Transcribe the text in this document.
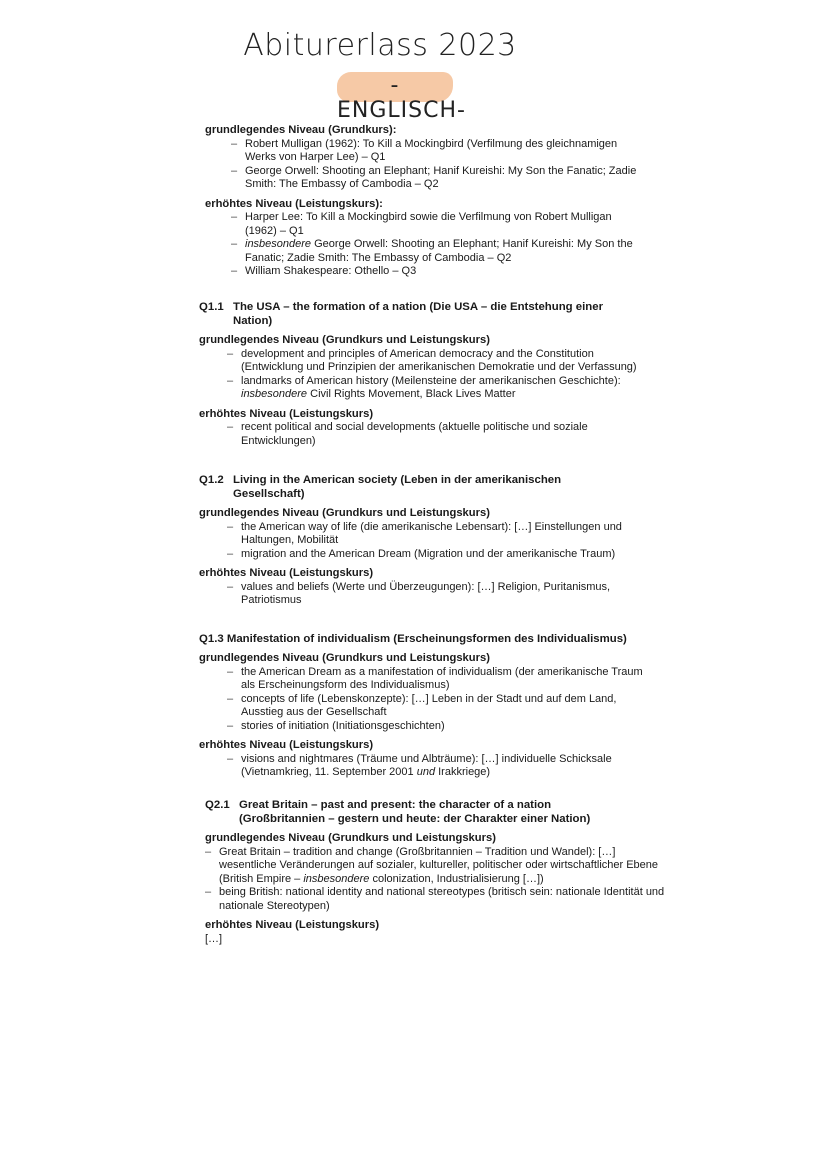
Abiturerlass 2023
-ENGLISCH-
grundlegendes Niveau (Grundkurs):
– Robert Mulligan (1962): To Kill a Mockingbird (Verfilmung des gleichnamigen Werks von Harper Lee) – Q1
– George Orwell: Shooting an Elephant; Hanif Kureishi: My Son the Fanatic; Zadie Smith: The Embassy of Cambodia – Q2
erhöhtes Niveau (Leistungskurs):
– Harper Lee: To Kill a Mockingbird sowie die Verfilmung von Robert Mulligan (1962) – Q1
– insbesondere George Orwell: Shooting an Elephant; Hanif Kureishi: My Son the Fanatic; Zadie Smith: The Embassy of Cambodia – Q2
– William Shakespeare: Othello – Q3
Q1.1 The USA – the formation of a nation (Die USA – die Entstehung einer
Nation)
grundlegendes Niveau (Grundkurs und Leistungskurs)
– development and principles of American democracy and the Constitution (Entwicklung und Prinzipien der amerikanischen Demokratie und der Verfassung)
– landmarks of American history (Meilensteine der amerikanischen Geschichte): insbesondere Civil Rights Movement, Black Lives Matter
erhöhtes Niveau (Leistungskurs)
– recent political and social developments (aktuelle politische und soziale Entwicklungen)
Q1.2 Living in the American society (Leben in der amerikanischen
Gesellschaft)
grundlegendes Niveau (Grundkurs und Leistungskurs)
– the American way of life (die amerikanische Lebensart): […] Einstellungen und Haltungen, Mobilität
– migration and the American Dream (Migration und der amerikanische Traum)
erhöhtes Niveau (Leistungskurs)
– values and beliefs (Werte und Überzeugungen): […] Religion, Puritanismus, Patriotismus
Q1.3 Manifestation of individualism (Erscheinungsformen des Individualismus)
grundlegendes Niveau (Grundkurs und Leistungskurs)
– the American Dream as a manifestation of individualism (der amerikanische Traum als Erscheinungsform des Individualismus)
– concepts of life (Lebenskonzepte): […] Leben in der Stadt und auf dem Land, Ausstieg aus der Gesellschaft
– stories of initiation (Initiationsgeschichten)
erhöhtes Niveau (Leistungskurs)
– visions and nightmares (Träume und Albträume): […] individuelle Schicksale (Vietnamkrieg, 11. September 2001 und Irakkriege)
Q2.1 Great Britain – past and present: the character of a nation
(Großbritannien – gestern und heute: der Charakter einer Nation)
grundlegendes Niveau (Grundkurs und Leistungskurs)
– Great Britain – tradition and change (Großbritannien – Tradition und Wandel): […] wesentliche Veränderungen auf sozialer, kultureller, politischer oder wirtschaftlicher Ebene (British Empire – insbesondere colonization, Industrialisierung […])
– being British: national identity and national stereotypes (britisch sein: nationale Identität und nationale Stereotypen)
erhöhtes Niveau (Leistungskurs)
[…]
